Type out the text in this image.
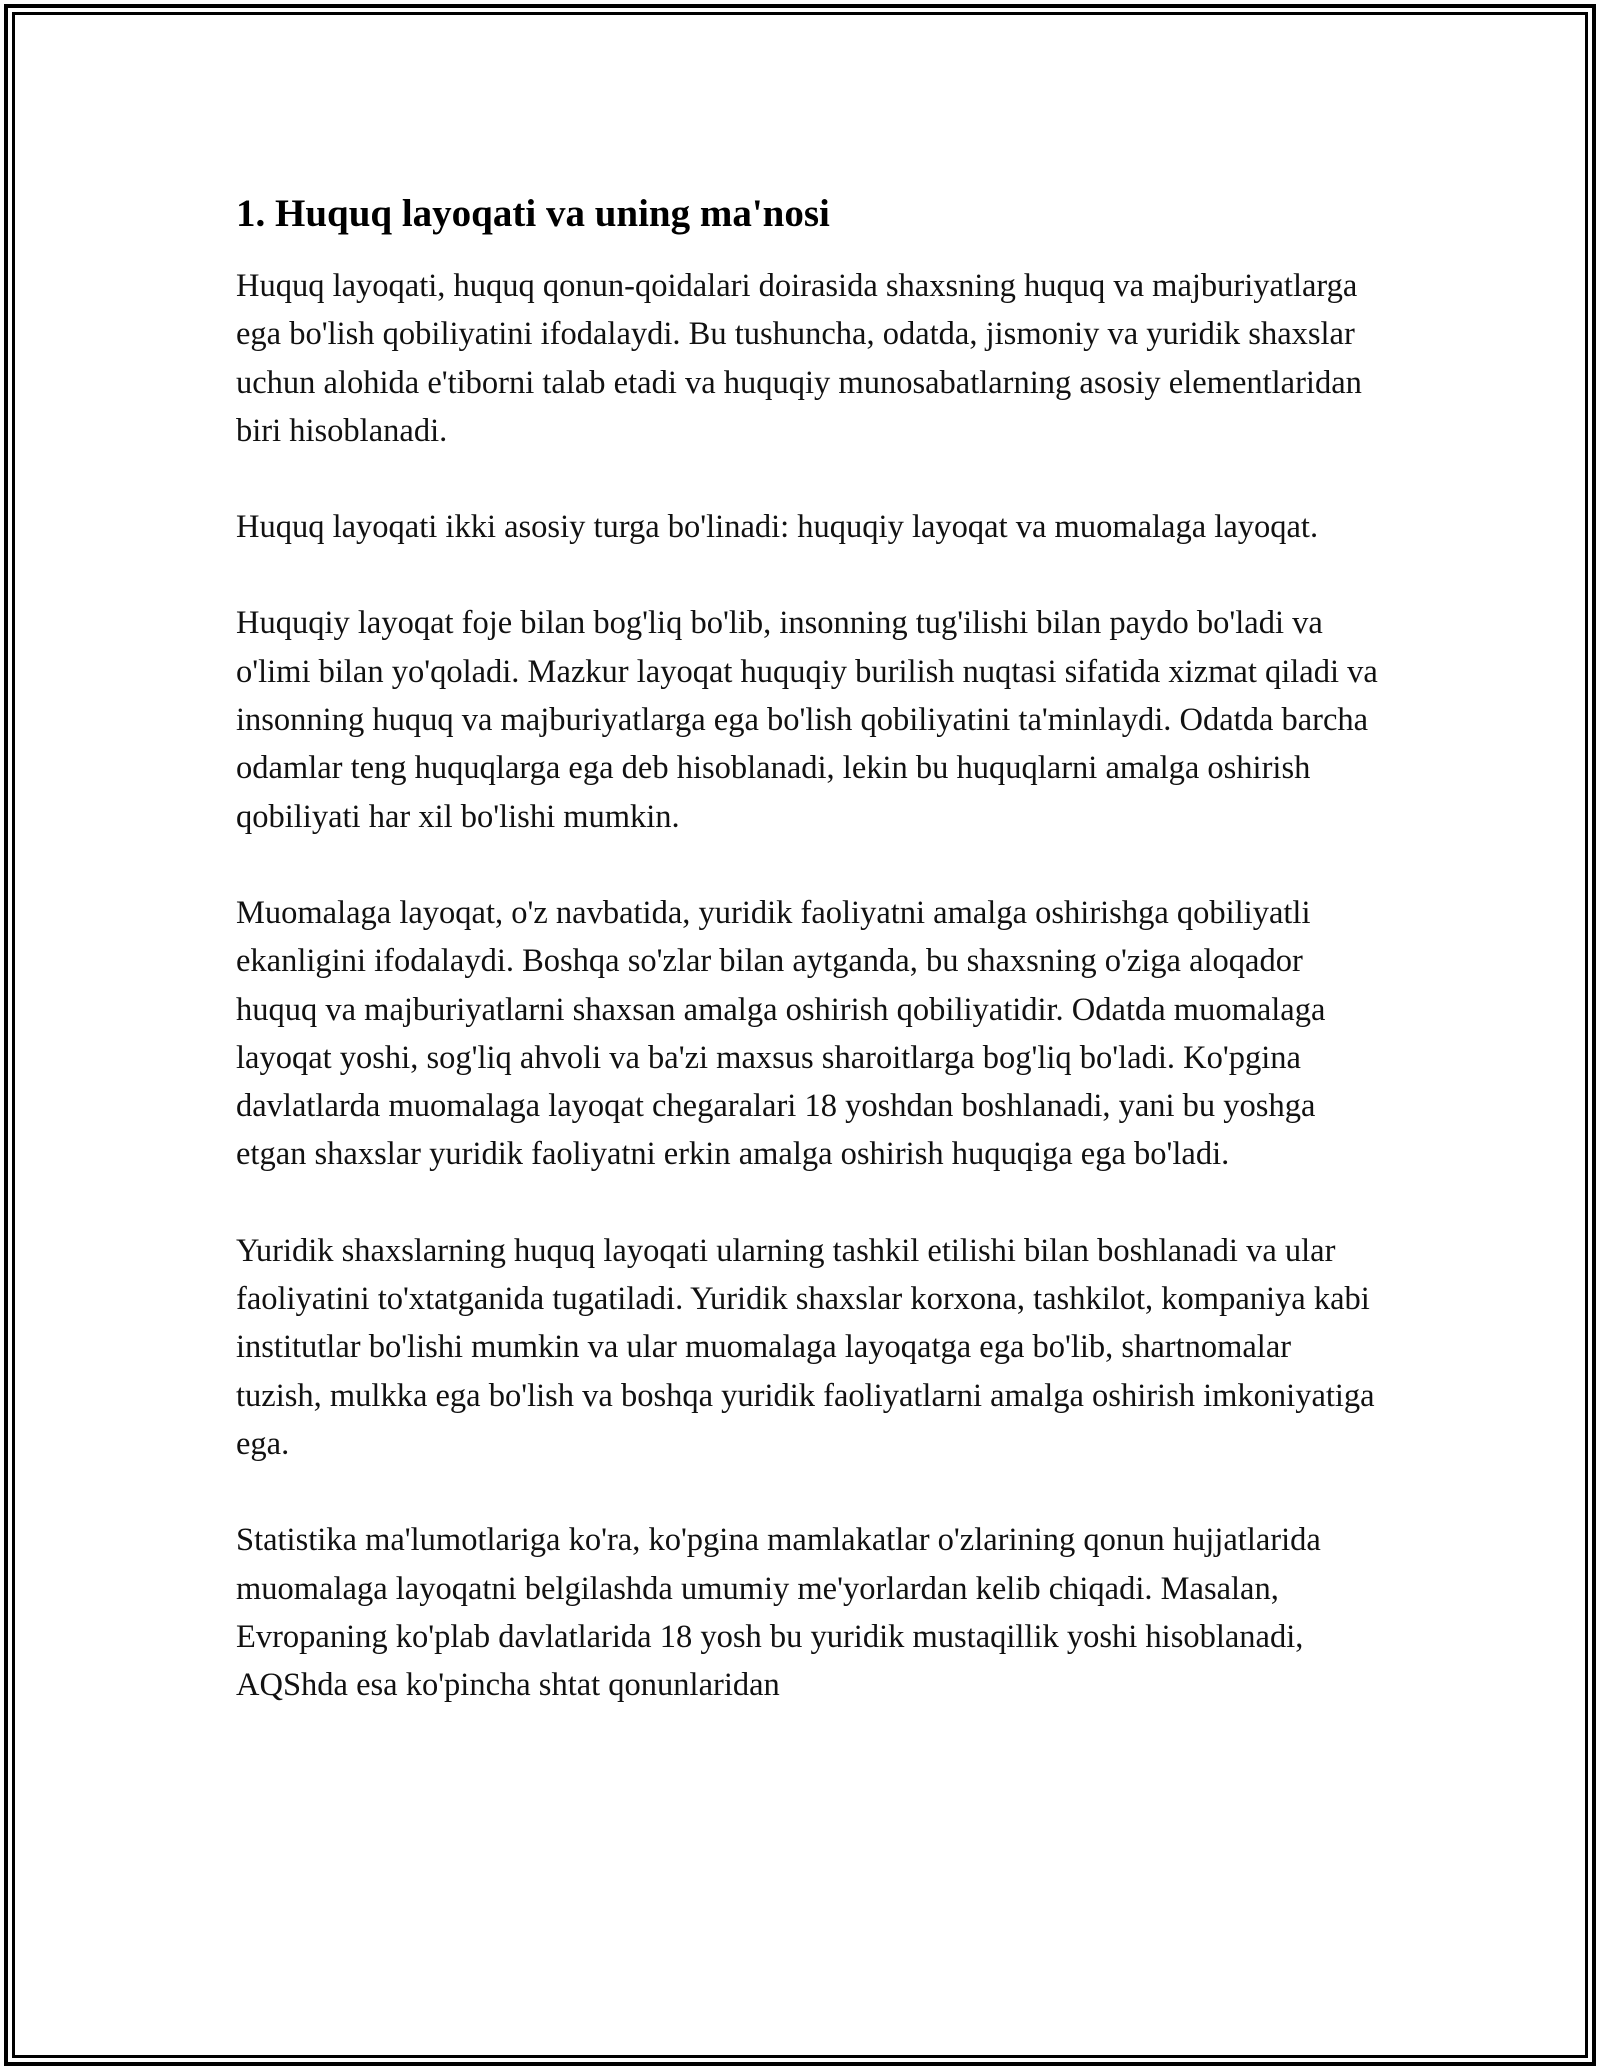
1. Huquq layoqati va uning ma'nosi

Huquq layoqati, huquq qonun-qoidalari doirasida shaxsning huquq va majburiyatlarga ega bo'lish qobiliyatini ifodalaydi. Bu tushuncha, odatda, jismoniy va yuridik shaxslar uchun alohida e'tiborni talab etadi va huquqiy munosabatlarning asosiy elementlaridan biri hisoblanadi.

Huquq layoqati ikki asosiy turga bo'linadi: huquqiy layoqat va muomalaga layoqat.

Huquqiy layoqat foje bilan bog'liq bo'lib, insonning tug'ilishi bilan paydo bo'ladi va o'limi bilan yo'qoladi. Mazkur layoqat huquqiy burilish nuqtasi sifatida xizmat qiladi va insonning huquq va majburiyatlarga ega bo'lish qobiliyatini ta'minlaydi. Odatda barcha odamlar teng huquqlarga ega deb hisoblanadi, lekin bu huquqlarni amalga oshirish qobiliyati har xil bo'lishi mumkin.

Muomalaga layoqat, o'z navbatida, yuridik faoliyatni amalga oshirishga qobiliyatli ekanligini ifodalaydi. Boshqa so'zlar bilan aytganda, bu shaxsning o'ziga aloqador huquq va majburiyatlarni shaxsan amalga oshirish qobiliyatidir. Odatda muomalaga layoqat yoshi, sog'liq ahvoli va ba'zi maxsus sharoitlarga bog'liq bo'ladi. Ko'pgina davlatlarda muomalaga layoqat chegaralari 18 yoshdan boshlanadi, yani bu yoshga etgan shaxslar yuridik faoliyatni erkin amalga oshirish huquqiga ega bo'ladi.

Yuridik shaxslarning huquq layoqati ularning tashkil etilishi bilan boshlanadi va ular faoliyatini to'xtatganida tugatiladi. Yuridik shaxslar korxona, tashkilot, kompaniya kabi institutlar bo'lishi mumkin va ular muomalaga layoqatga ega bo'lib, shartnomalar tuzish, mulkka ega bo'lish va boshqa yuridik faoliyatlarni amalga oshirish imkoniyatiga ega.

Statistika ma'lumotlariga ko'ra, ko'pgina mamlakatlar o'zlarining qonun hujjatlarida muomalaga layoqatni belgilashda umumiy me'yorlardan kelib chiqadi. Masalan, Evropaning ko'plab davlatlarida 18 yosh bu yuridik mustaqillik yoshi hisoblanadi, AQShda esa ko'pincha shtat qonunlaridan
